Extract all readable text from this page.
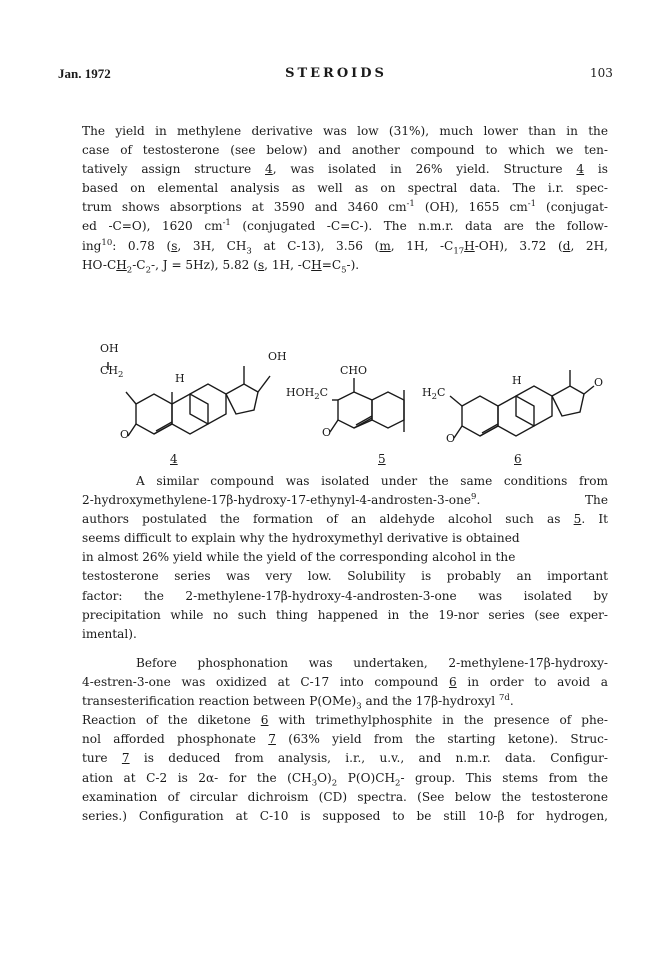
Jan. 1972	STEROIDS	103
The yield in methylene derivative was low (31%), much lower than in the
case of testosterone (see below) and another compound to which we ten-
tatively assign structure 4, was isolated in 26% yield. Structure 4 is
based on elemental analysis as well as on spectral data. The i.r. spec-
trum shows absorptions at 3590 and 3460 $cm^{-1}$ (OH), 1655 $cm^{-1}$ (conjugat-
ed -C=O), 1620 $cm^{-1}$ (conjugated -C=C-). The n.m.r. data are the follow-
ing$^{10}$: 0.78 (s, 3H, $CH_3$ at C-13), 3.56 (m, 1H, $-C_{17}H-OH$), 3.72 (d, 2H,
$HO-CH_2-C_2-$, J = 5Hz), 5.82 (s, 1H, $-CH=C_5-$).
OH
$CH_2$	H
O
OH
CHO
$HOH_2C$
O
$H_2C$
H
O
O
4	5	6
A similar compound was isolated under the same conditions from
2-hydroxymethylene-17β-hydroxy-17-ethynyl-4-androsten-3-one$^9$. The
authors postulated the formation of an aldehyde alcohol such as 5. It
seems difficult to explain why the hydroxymethyl derivative is obtained
in almost 26% yield while the yield of the corresponding alcohol in the
testosterone series was very low. Solubility is probably an important
factor: the 2-methylene-17β-hydroxy-4-androsten-3-one was isolated by
precipitation while no such thing happened in the 19-nor series (see exper-
imental).
Before phosphonation was undertaken, 2-methylene-17β-hydroxy-
4-estren-3-one was oxidized at C-17 into compound 6 in order to avoid a
transesterification reaction between $P(OMe)_3$ and the 17β-hydroxyl $^{7d}$.
Reaction of the diketone 6 with trimethylphosphite in the presence of phe-
nol afforded phosphonate 7 (63% yield from the starting ketone). Struc-
ture 7 is deduced from analysis, i.r., u.v., and n.m.r. data. Configur-
ation at C-2 is 2α- for the $(CH_3O)_2$ $P(O)CH_2-$ group. This stems from the
examination of circular dichroism (CD) spectra. (See below the testosterone
series.) Configuration at C-10 is supposed to be still 10-β for hydrogen,
